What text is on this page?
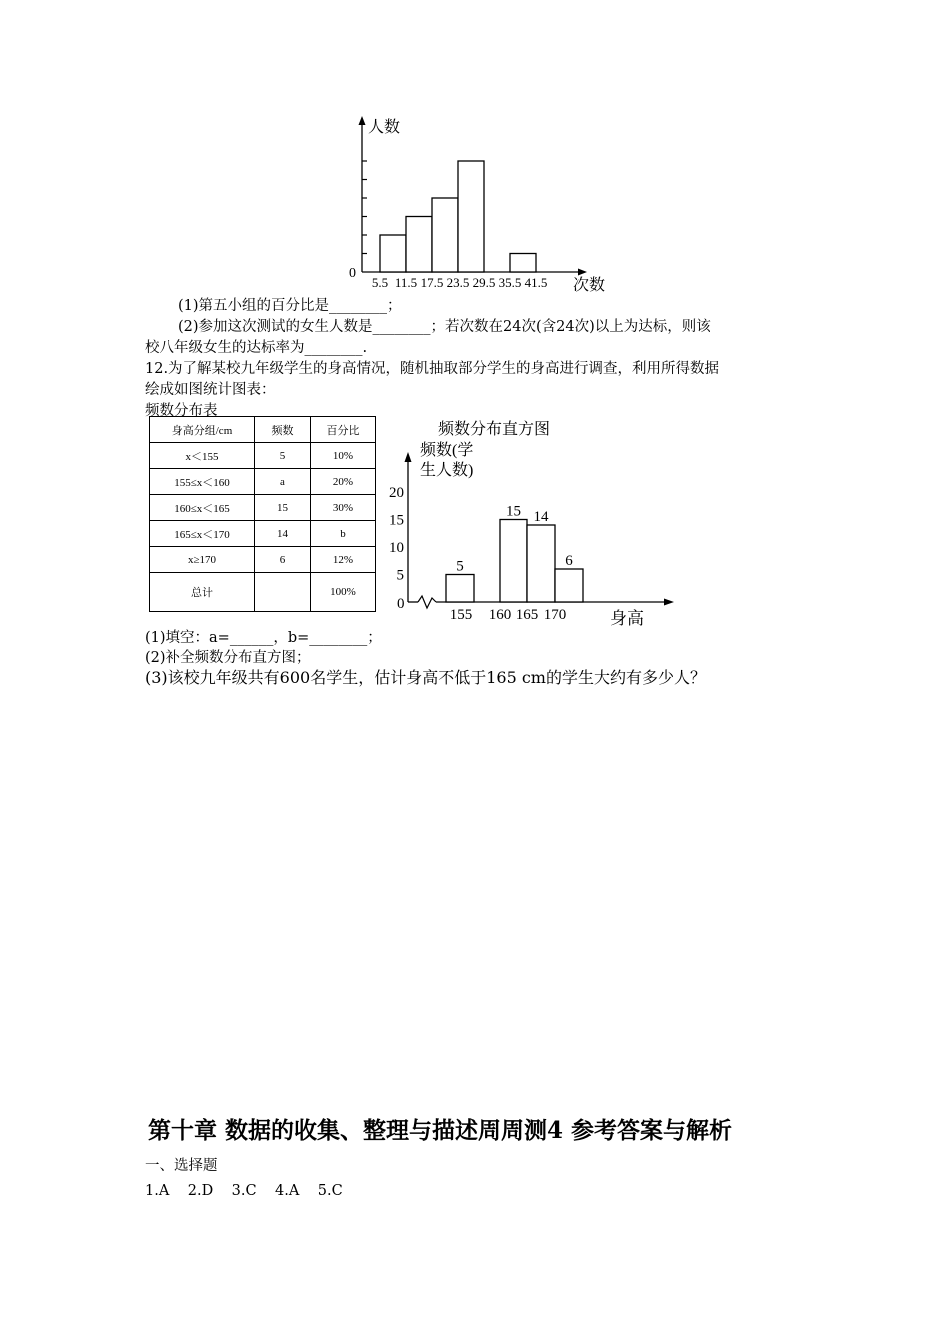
5.5 11.5 17.5 23.5 29.5 35.5 41.5
人数
次数
0
(1)第五小组的百分比是________；
(2)参加这次测试的女生人数是________；若次数在24次(含24次)以上为达标，则该
校八年级女生的达标率为________.
12.为了解某校九年级学生的身高情况，随机抽取部分学生的身高进行调查，利用所得数据
绘成如图统计图表：
频数分布表
身高分组/cm	频数	百分比
x＜155	5	10%
155≤x＜160	a	20%
160≤x＜165	15	30%
165≤x＜170	14	b
x≥170	6	12%
总计		100%
频数分布直方图
频数(学
生人数)
0
5
10
15
20
5
15 14
6
155 160 165 170	身高
(1)填空：a=______，b=________；
(2)补全频数分布直方图；
(3)该校九年级共有600名学生，估计身高不低于165 cm的学生大约有多少人？
第十章 数据的收集、整理与描述周周测4 参考答案与解析
一、选择题
1.A    2.D    3.C    4.A    5.C
